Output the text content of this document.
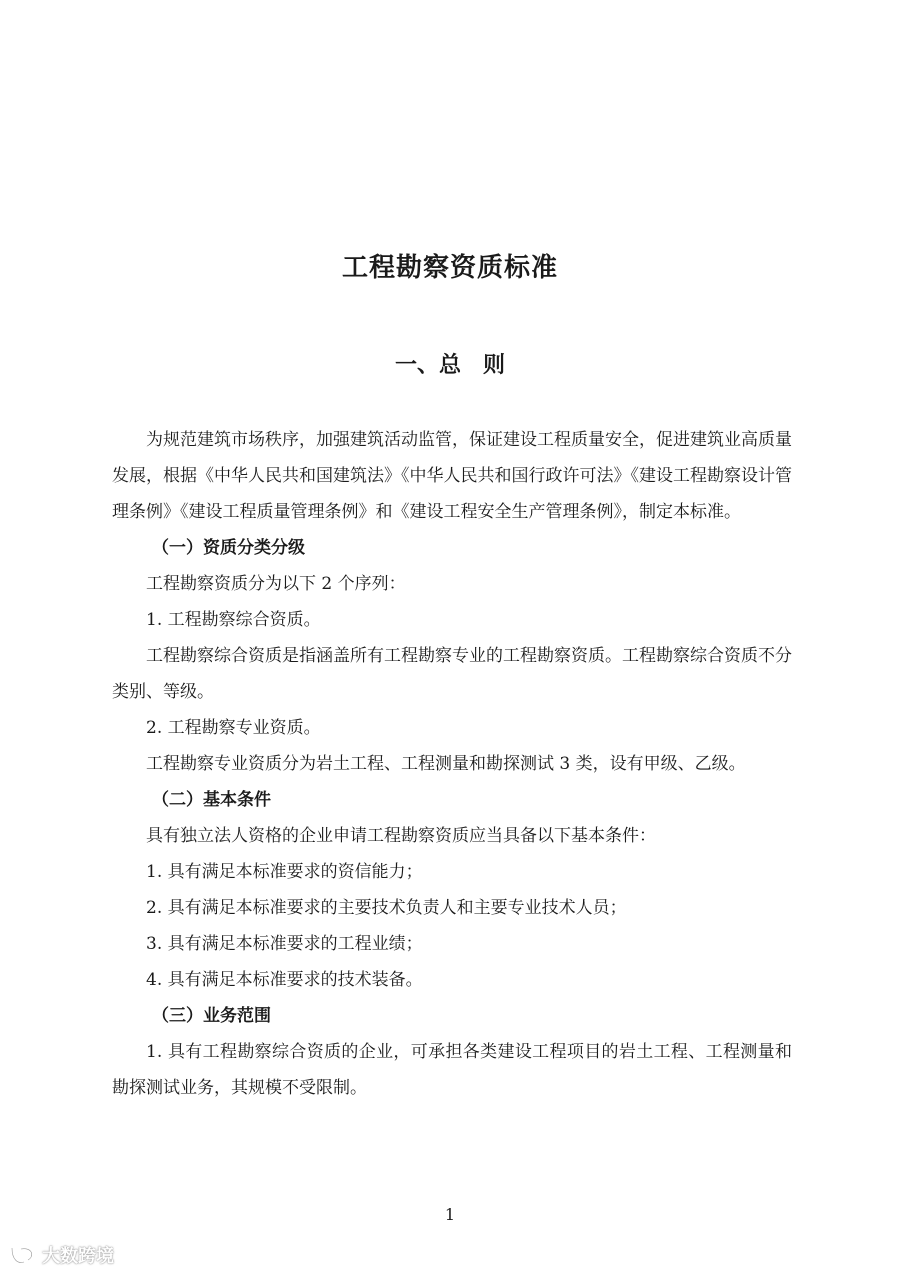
工程勘察资质标准
一、总　则

为规范建筑市场秩序，加强建筑活动监管，保证建设工程质量安全，促进建筑业高质量发展，根据《中华人民共和国建筑法》《中华人民共和国行政许可法》《建设工程勘察设计管理条例》《建设工程质量管理条例》和《建设工程安全生产管理条例》，制定本标准。

（一）资质分类分级

工程勘察资质分为以下 2 个序列：

1. 工程勘察综合资质。

工程勘察综合资质是指涵盖所有工程勘察专业的工程勘察资质。工程勘察综合资质不分类别、等级。

2. 工程勘察专业资质。

工程勘察专业资质分为岩土工程、工程测量和勘探测试 3 类，设有甲级、乙级。

（二）基本条件

具有独立法人资格的企业申请工程勘察资质应当具备以下基本条件：

1. 具有满足本标准要求的资信能力；

2. 具有满足本标准要求的主要技术负责人和主要专业技术人员；

3. 具有满足本标准要求的工程业绩；

4. 具有满足本标准要求的技术装备。

（三）业务范围

1. 具有工程勘察综合资质的企业，可承担各类建设工程项目的岩土工程、工程测量和勘探测试业务，其规模不受限制。

1
大数跨境
